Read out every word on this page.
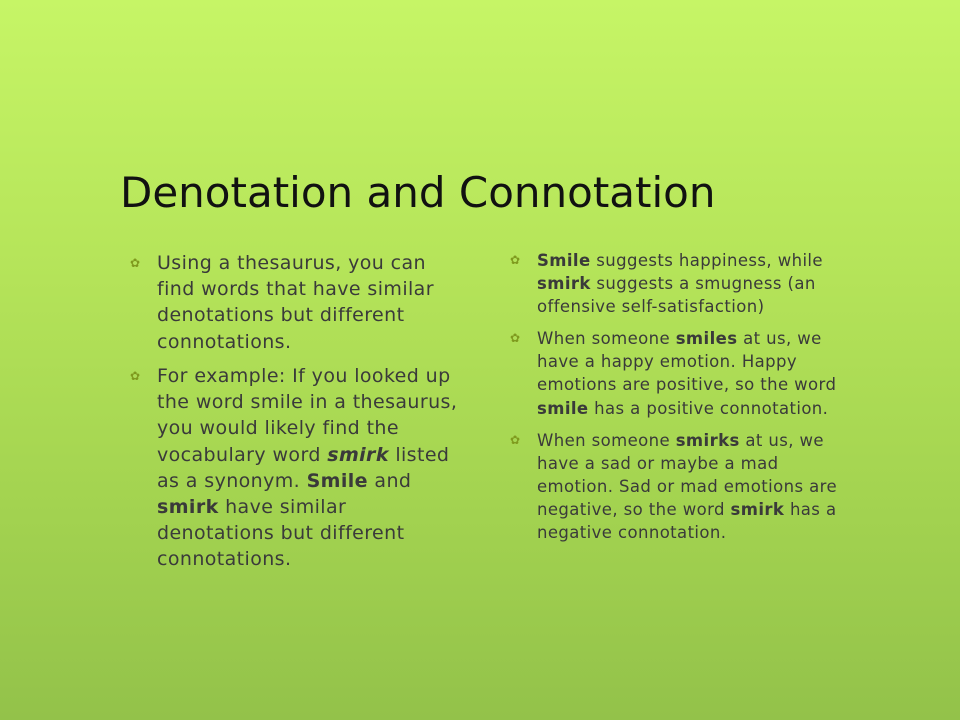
Denotation and Connotation
✿
Using a thesaurus, you can find words that have similar denotations but different connotations.
✿
For example: If you looked up the word smile in a thesaurus, you would likely find the vocabulary word smirk listed as a synonym. Smile and smirk have similar denotations but different connotations.
✿
Smile suggests happiness, while smirk suggests a smugness (an offensive self-satisfaction)
✿
When someone smiles at us, we have a happy emotion. Happy emotions are positive, so the word smile has a positive connotation.
✿
When someone smirks at us, we have a sad or maybe a mad emotion. Sad or mad emotions are negative, so the word smirk has a negative connotation.
